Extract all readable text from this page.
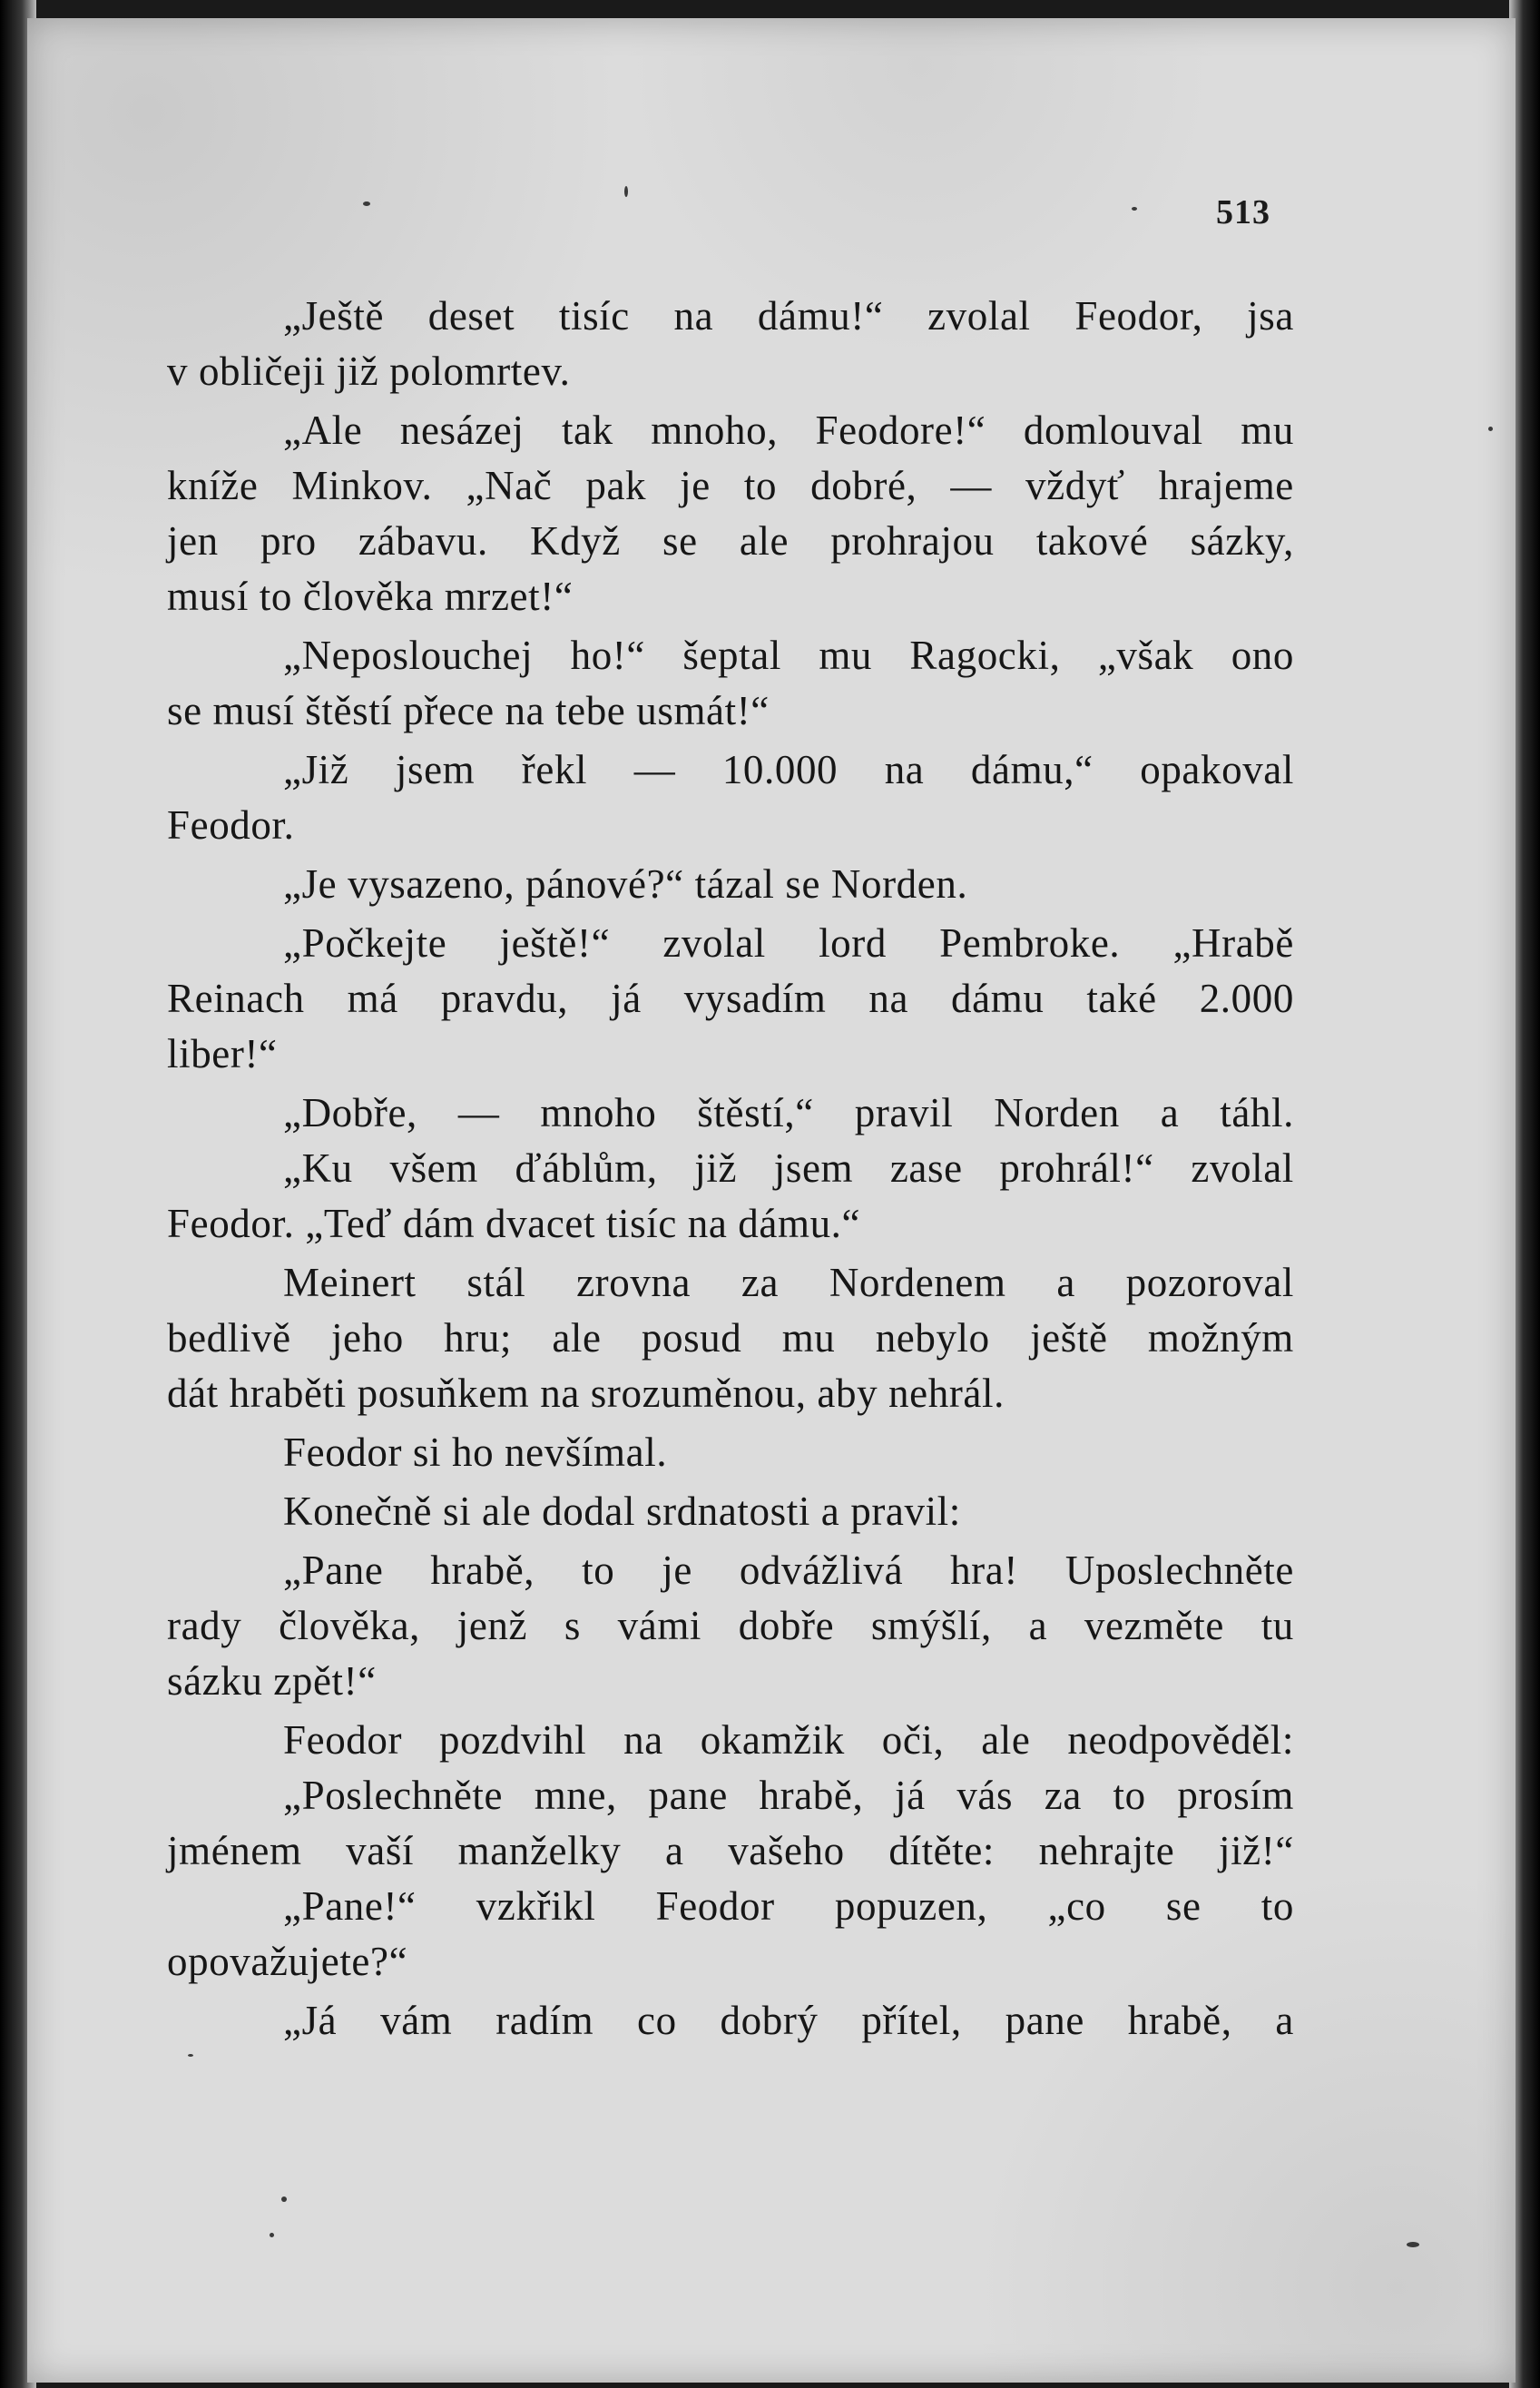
513
„Ještě deset tisíc na dámu!“ zvolal Feodor, jsa
v obličeji již polomrtev.
„Ale nesázej tak mnoho, Feodore!“ domlouval mu
kníže Minkov. „Nač pak je to dobré, — vždyť hrajeme
jen pro zábavu. Když se ale prohrajou takové sázky,
musí to člověka mrzet!“
„Neposlouchej ho!“ šeptal mu Ragocki, „však ono
se musí štěstí přece na tebe usmát!“
„Již jsem řekl — 10.000 na dámu,“ opakoval
Feodor.
„Je vysazeno, pánové?“ tázal se Norden.
„Počkejte ještě!“ zvolal lord Pembroke. „Hrabě
Reinach má pravdu, já vysadím na dámu také 2.000
liber!“
„Dobře, — mnoho štěstí,“ pravil Norden a táhl.
„Ku všem ďáblům, již jsem zase prohrál!“ zvolal
Feodor. „Teď dám dvacet tisíc na dámu.“
Meinert stál zrovna za Nordenem a pozoroval
bedlivě jeho hru; ale posud mu nebylo ještě možným
dát hraběti posuňkem na srozuměnou, aby nehrál.
Feodor si ho nevšímal.
Konečně si ale dodal srdnatosti a pravil:
„Pane hrabě, to je odvážlivá hra! Uposlechněte
rady člověka, jenž s vámi dobře smýšlí, a vezměte tu
sázku zpět!“
Feodor pozdvihl na okamžik oči, ale neodpověděl:
„Poslechněte mne, pane hrabě, já vás za to prosím
jménem vaší manželky a vašeho dítěte: nehrajte již!“
„Pane!“ vzkřikl Feodor popuzen, „co se to
opovažujete?“
„Já vám radím co dobrý přítel, pane hrabě, a
